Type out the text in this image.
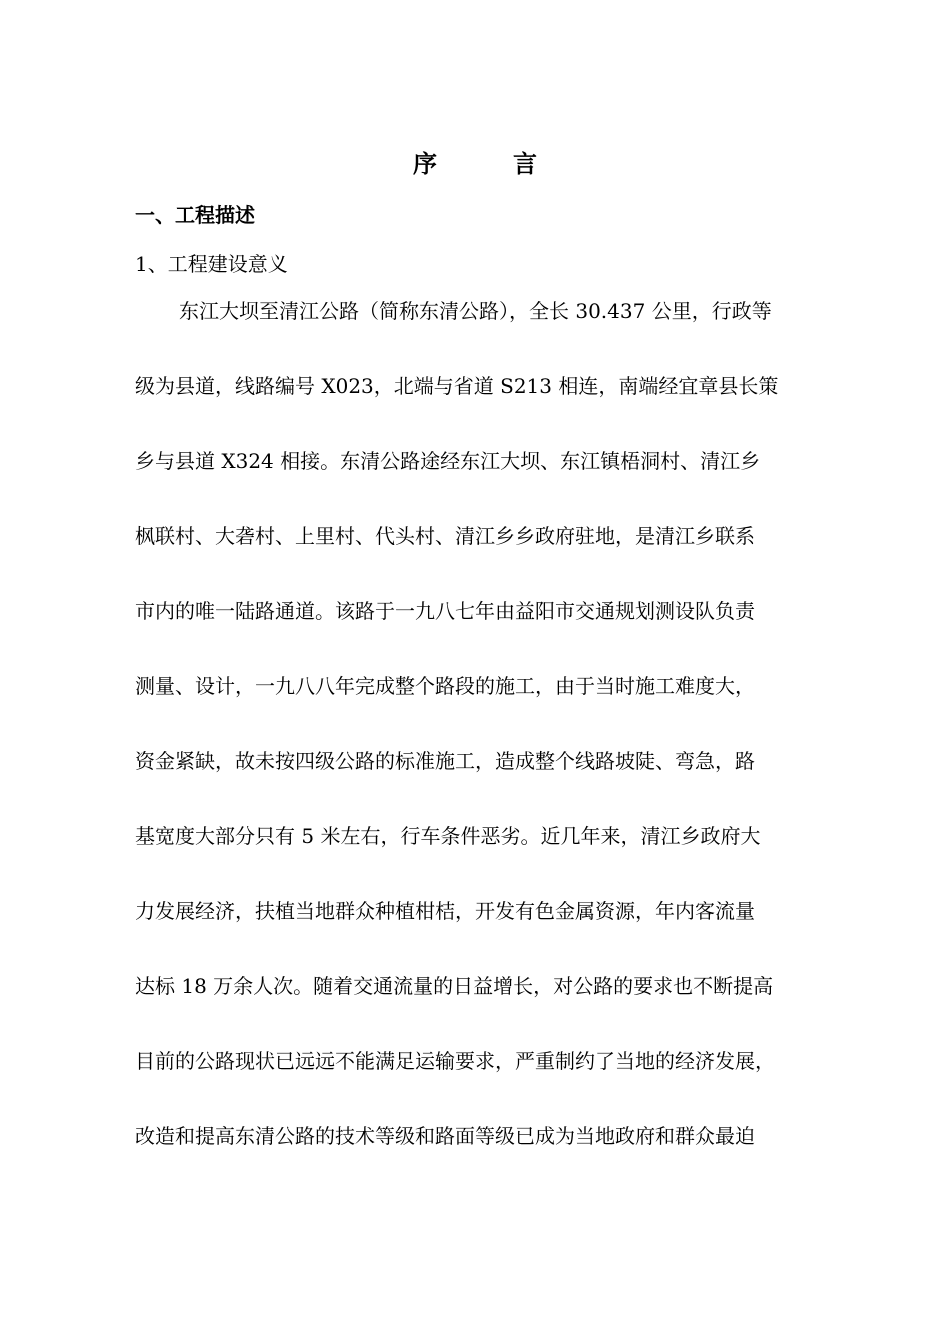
序　言
一、工程描述
1、工程建设意义
东江大坝至清江公路（简称东清公路），全长 30.437 公里，行政等
级为县道，线路编号 X023，北端与省道 S213 相连，南端经宜章县长策
乡与县道 X324 相接。东清公路途经东江大坝、东江镇梧洞村、清江乡
枫联村、大砻村、上里村、代头村、清江乡乡政府驻地，是清江乡联系
市内的唯一陆路通道。该路于一九八七年由益阳市交通规划测设队负责
测量、设计，一九八八年完成整个路段的施工，由于当时施工难度大，
资金紧缺，故未按四级公路的标准施工，造成整个线路坡陡、弯急，路
基宽度大部分只有 5 米左右，行车条件恶劣。近几年来，清江乡政府大
力发展经济，扶植当地群众种植柑桔，开发有色金属资源，年内客流量
达标 18 万余人次。随着交通流量的日益增长，对公路的要求也不断提高
目前的公路现状已远远不能满足运输要求，严重制约了当地的经济发展，
改造和提高东清公路的技术等级和路面等级已成为当地政府和群众最迫
